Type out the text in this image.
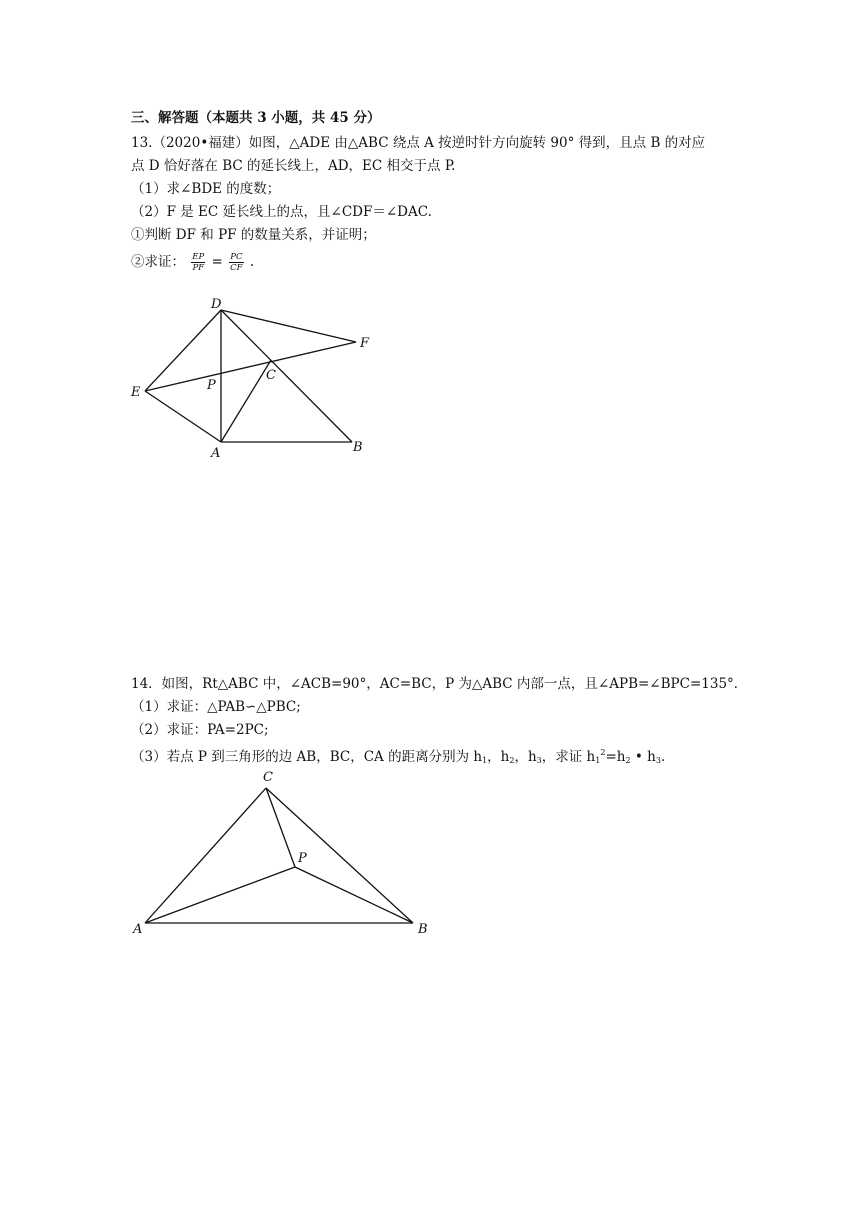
三、解答题（本题共 3 小题，共 45 分）
13.（2020•福建）如图，△ADE 由△ABC 绕点 A 按逆时针方向旋转 90° 得到，且点 B 的对应
点 D 恰好落在 BC 的延长线上，AD，EC 相交于点 P.
（1）求∠BDE 的度数；
（2）F 是 EC 延长线上的点，且∠CDF＝∠DAC.
①判断 DF 和 PF 的数量关系，并证明；
②求证： $\frac{EP}{PF} = \frac{PC}{CF}$ .
D
F
E	P
C
A	B
14．如图，Rt△ABC 中，∠ACB=90°，AC=BC，P 为△ABC 内部一点，且∠APB=∠BPC=135°．
（1）求证：△PAB∽△PBC;
（2）求证：PA=2PC;
（3）若点 P 到三角形的边 AB，BC，CA 的距离分别为 $h_1$，$h_2$，$h_3$，求证 $h_1^2=h_2$ • $h_3$.
C
P
A	B
